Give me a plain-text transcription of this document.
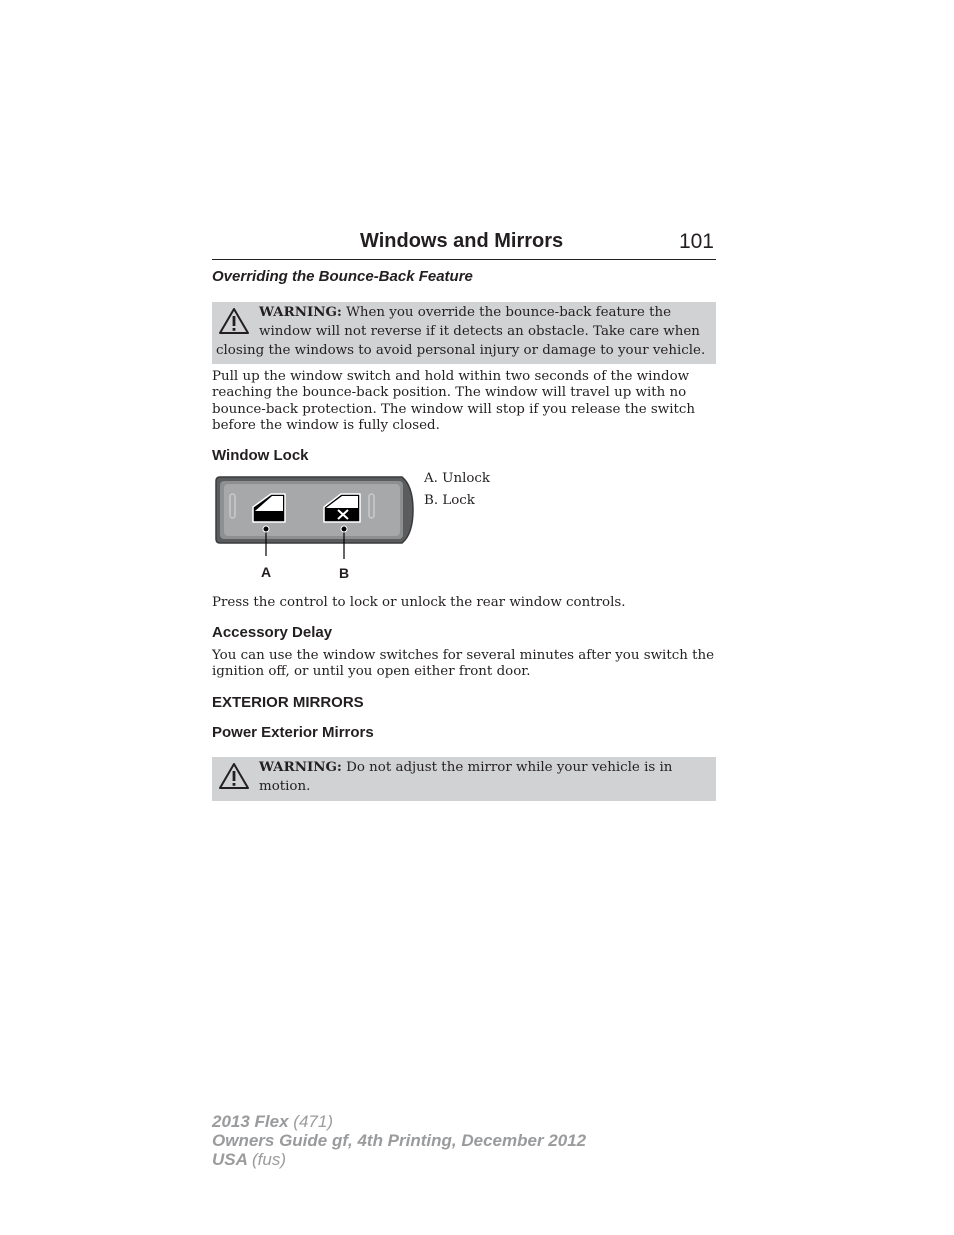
Windows and Mirrors	101
Overriding the Bounce-Back Feature
WARNING: When you override the bounce-back feature the
window will not reverse if it detects an obstacle. Take care when
closing the windows to avoid personal injury or damage to your vehicle.
Pull up the window switch and hold within two seconds of the window reaching the bounce-back position. The window will travel up with no bounce-back protection. The window will stop if you release the switch before the window is fully closed.
Window Lock
A	B
A. Unlock
B. Lock
Press the control to lock or unlock the rear window controls.
Accessory Delay
You can use the window switches for several minutes after you switch the ignition off, or until you open either front door.
EXTERIOR MIRRORS
Power Exterior Mirrors
WARNING: Do not adjust the mirror while your vehicle is in
motion.
2013 Flex (471)
Owners Guide gf, 4th Printing, December 2012
USA (fus)
